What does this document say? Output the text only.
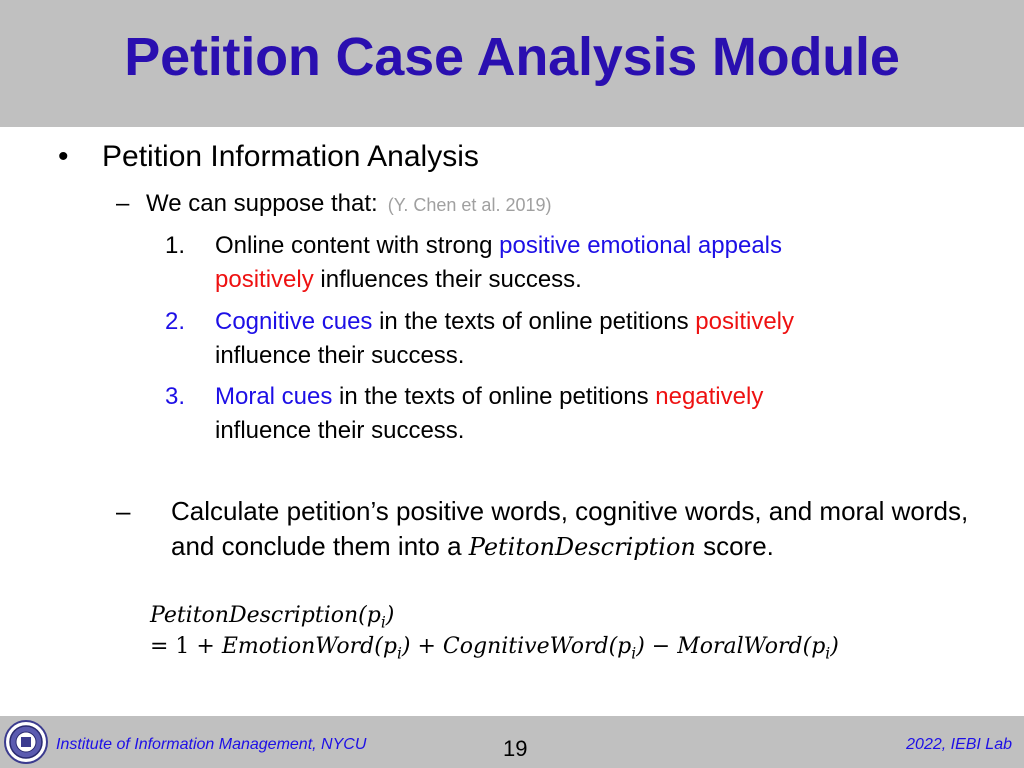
Petition Case Analysis Module
• Petition Information Analysis
– We can suppose that: (Y. Chen et al. 2019)
1. Online content with strong positive emotional appeals
positively influences their success.
2. Cognitive cues in the texts of online petitions positively
influence their success.
3. Moral cues in the texts of online petitions negatively
influence their success.
– Calculate petition’s positive words, cognitive words, and moral words, and conclude them into a PetitonDescription score.
$PetitonDescription(p_i)$
= $1 + EmotionWord(p_i)$ + $CognitiveWord(p_i)$ − $MoralWord(p_i)$
Institute of Information Management, NYCU	19	2022, IEBI Lab
